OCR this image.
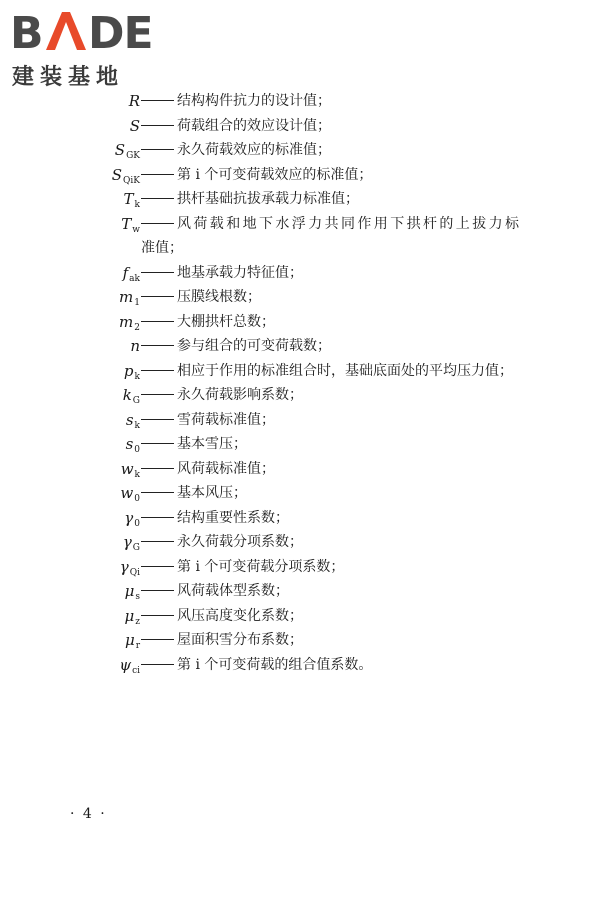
B DE
建装基地
R	结构构件抗力的设计值；
S	荷载组合的效应设计值；
$S_{GK}$	永久荷载效应的标准值；
$S_{QiK}$	第 i 个可变荷载效应的标准值；
$T_k$	拱杆基础抗拔承载力标准值；
$T_w$	风荷载和地下水浮力共同作用下拱杆的上拔力标
准值；
$f_{ak}$	地基承载力特征值；
$m_1$	压膜线根数；
$m_2$	大棚拱杆总数；
n	参与组合的可变荷载数；
$p_k$	相应于作用的标准组合时，基础底面处的平均压力值；
$k_G$	永久荷载影响系数；
$s_k$	雪荷载标准值；
$s_0$	基本雪压；
$w_k$	风荷载标准值；
$w_0$	基本风压；
$\gamma_0$	结构重要性系数；
$\gamma_G$	永久荷载分项系数；
$\gamma_{Qi}$	第 i 个可变荷载分项系数；
$\mu_s$	风荷载体型系数；
$\mu_z$	风压高度变化系数；
$\mu_r$	屋面积雪分布系数；
$\psi_{ci}$	第 i 个可变荷载的组合值系数。
· 4 ·
